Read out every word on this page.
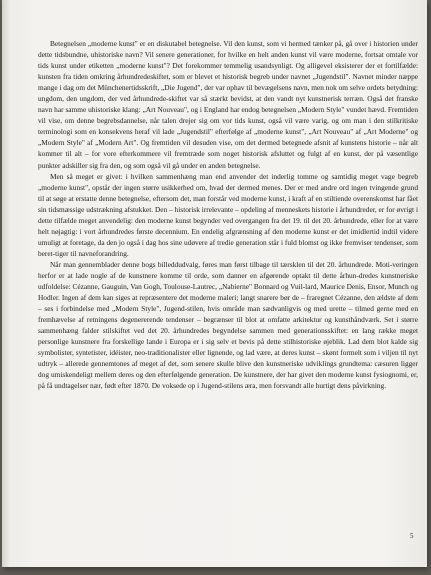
Betegnelsen „moderne kunst" er en diskutabel betegnelse. Vil den kunst, som vi hermed tænker på, gå over i historien under dette tidsbundne, uhistoriske navn? Vil senere generationer, for hvilke en helt anden kunst vil være moderne, fortsat omtale vor tids kunst under etiketten „moderne kunst"? Det forekommer temmelig usandsynligt. Og alligevel eksisterer der et fortilfælde: kunsten fra tiden omkring århundredeskiftet, som er blevet et historisk begreb under navnet „Jugendstil". Navnet minder næppe mange i dag om det Münchenertidsskrift, „Die Jugend", der var ophav til bevægelsens navn, men nok om selve ordets betydning: ungdom, den ungdom, der ved århundrede-skiftet var så stærkt bevidst, at den vandt nyt kunstnerisk terræn. Også det franske navn har samme uhistoriske klang: „Art Nouveau", og i England har endog betegnelsen „Modern Style" vundet hævd. Fremtiden vil vise, om denne begrebsdannelse, når talen drejer sig om vor tids kunst, også vil være varig, og om man i den stilkritiske terminologi som en konsekvens heraf vil lade „Jugendstil" efterfølge af „moderne kunst", „Art Nouveau" af „Art Moderne" og „Modern Style" af „Modern Art". Og fremtiden vil desuden vise, om det dermed betegnede afsnit af kunstens historie – når alt kommer til alt – for vore efterkommere vil fremtræde som noget historisk afsluttet og fulgt af en kunst, der på væsentlige punkter adskiller sig fra den, og som også vil gå under en anden betegnelse.

Men så meget er givet: i hvilken sammenhæng man end anvender det inderlig tomme og samtidig meget vage begreb „moderne kunst", opstår der ingen større usikkerhed om, hvad der dermed menes. Der er med andre ord ingen tvingende grund til at søge at erstatte denne betegnelse, eftersom det, man forstår ved moderne kunst, i kraft af en stiltiende overenskomst har fået sin tidsmæssige udstrækning afstukket. Den – historisk irrelevante – opdeling af menneskets historie i århundreder, er for øvrigt i dette tilfælde meget anvendelig: den moderne kunst begynder ved overgangen fra det 19. til det 20. århundrede, eller for at være helt nøjagtig: i vort århundredes første decennium. En endelig afgrænsning af den moderne kunst er det imidlertid indtil videre umuligt at foretage, da den jo også i dag hos sine udøvere af tredie generation står i fuld blomst og ikke fremviser tendenser, som beret-tiger til navneforandring.

Når man gennemblader denne bogs billeddudvalg, føres man først tilbage til tærsklen til det 20. århundrede. Moti-veringen herfor er at lade nogle af de kunstnere komme til orde, som danner en afgørende optakt til dette århun-dredes kunstneriske udfoldelse: Cézanne, Gauguin, Van Gogh, Toulouse-Lautrec, „Nabierne" Bonnard og Vuil-lard, Maurice Denis, Ensor, Munch og Hodler. Ingen af dem kan siges at repræsentere det moderne maleri; langt snarere bør de – fraregnet Cézanne, den ældste af dem – ses i forbindelse med „Modern Style", Jugend-stilen, hvis område man sædvanligvis og med urette – tilmed gerne med en fremhævelse af retningens degenererende tendenser – begrænser til blot at omfatte arkitektur og kunsthåndværk. Set i større sammenhæng falder stilskiftet ved det 20. århundredes begyndelse sammen med generationsskiftet: en lang række meget personlige kunstnere fra forskellige lande i Europa er i sig selv et bevis på dette stilhistoriske øjeblik. Lad dem blot kalde sig symbolister, syntetister, idéister, neo-traditionalister eller lignende, og lad være, at deres kunst – skønt formelt som i viljen til nyt udtryk – allerede gennemtones af meget af det, som senere skulle blive den kunstneriske udviklings grundtema: cæsuren ligger dog umiskendeligt mellem deres og den efterfølgende generation. De kunstnere, der har givet den moderne kunst fysiognomi, er, på få undtagelser nær, født efter 1870. De voksede op i Jugend-stilens æra, men forsvandt alle hurtigt dens påvirkning.

5
